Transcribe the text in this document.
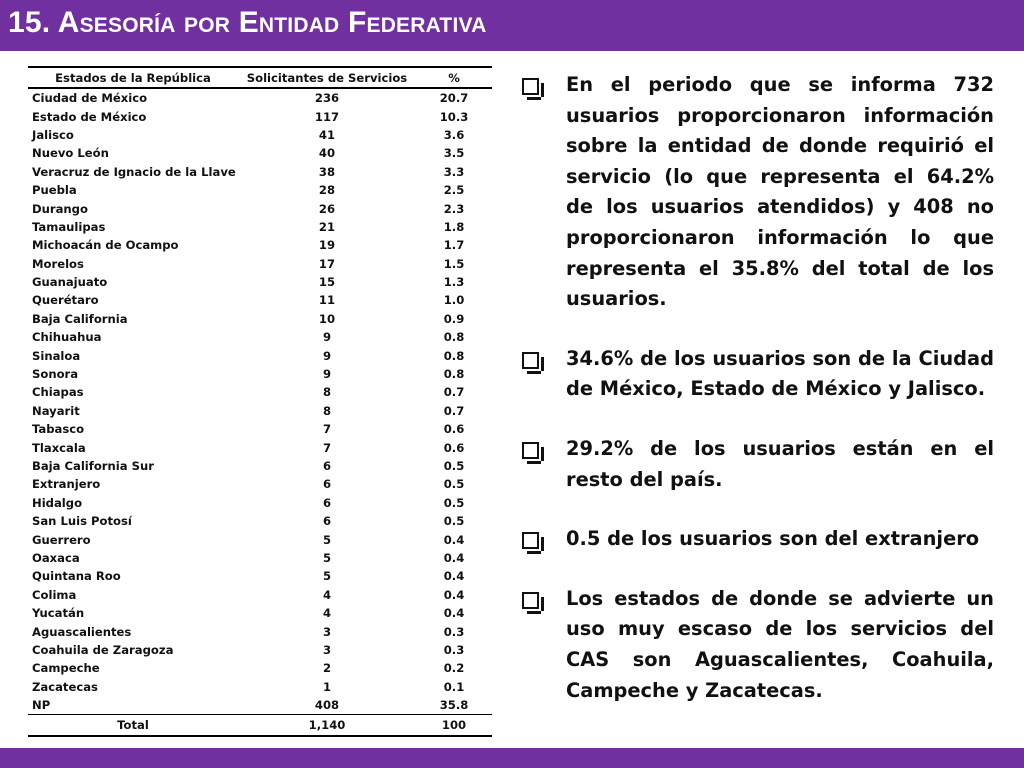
15. Asesoría por Entidad Federativa
Estados de la República	Solicitantes de Servicios	%
Ciudad de México	236	20.7
Estado de México	117	10.3
Jalisco	41	3.6
Nuevo León	40	3.5
Veracruz de Ignacio de la Llave	38	3.3
Puebla	28	2.5
Durango	26	2.3
Tamaulipas	21	1.8
Michoacán de Ocampo	19	1.7
Morelos	17	1.5
Guanajuato	15	1.3
Querétaro	11	1.0
Baja California	10	0.9
Chihuahua	9	0.8
Sinaloa	9	0.8
Sonora	9	0.8
Chiapas	8	0.7
Nayarit	8	0.7
Tabasco	7	0.6
Tlaxcala	7	0.6
Baja California Sur	6	0.5
Extranjero	6	0.5
Hidalgo	6	0.5
San Luis Potosí	6	0.5
Guerrero	5	0.4
Oaxaca	5	0.4
Quintana Roo	5	0.4
Colima	4	0.4
Yucatán	4	0.4
Aguascalientes	3	0.3
Coahuila de Zaragoza	3	0.3
Campeche	2	0.2
Zacatecas	1	0.1
NP	408	35.8
Total	1,140	100
En el periodo que se informa 732 usuarios proporcionaron información sobre la entidad de donde requirió el servicio (lo que representa el 64.2% de los usuarios atendidos) y 408 no proporcionaron información lo que representa el 35.8% del total de los usuarios.
34.6% de los usuarios son de la Ciudad de México, Estado de México y Jalisco.
29.2% de los usuarios están en el resto del país.
0.5 de los usuarios son del extranjero
Los estados de donde se advierte un uso muy escaso de los servicios del CAS son Aguascalientes, Coahuila, Campeche y Zacatecas.
